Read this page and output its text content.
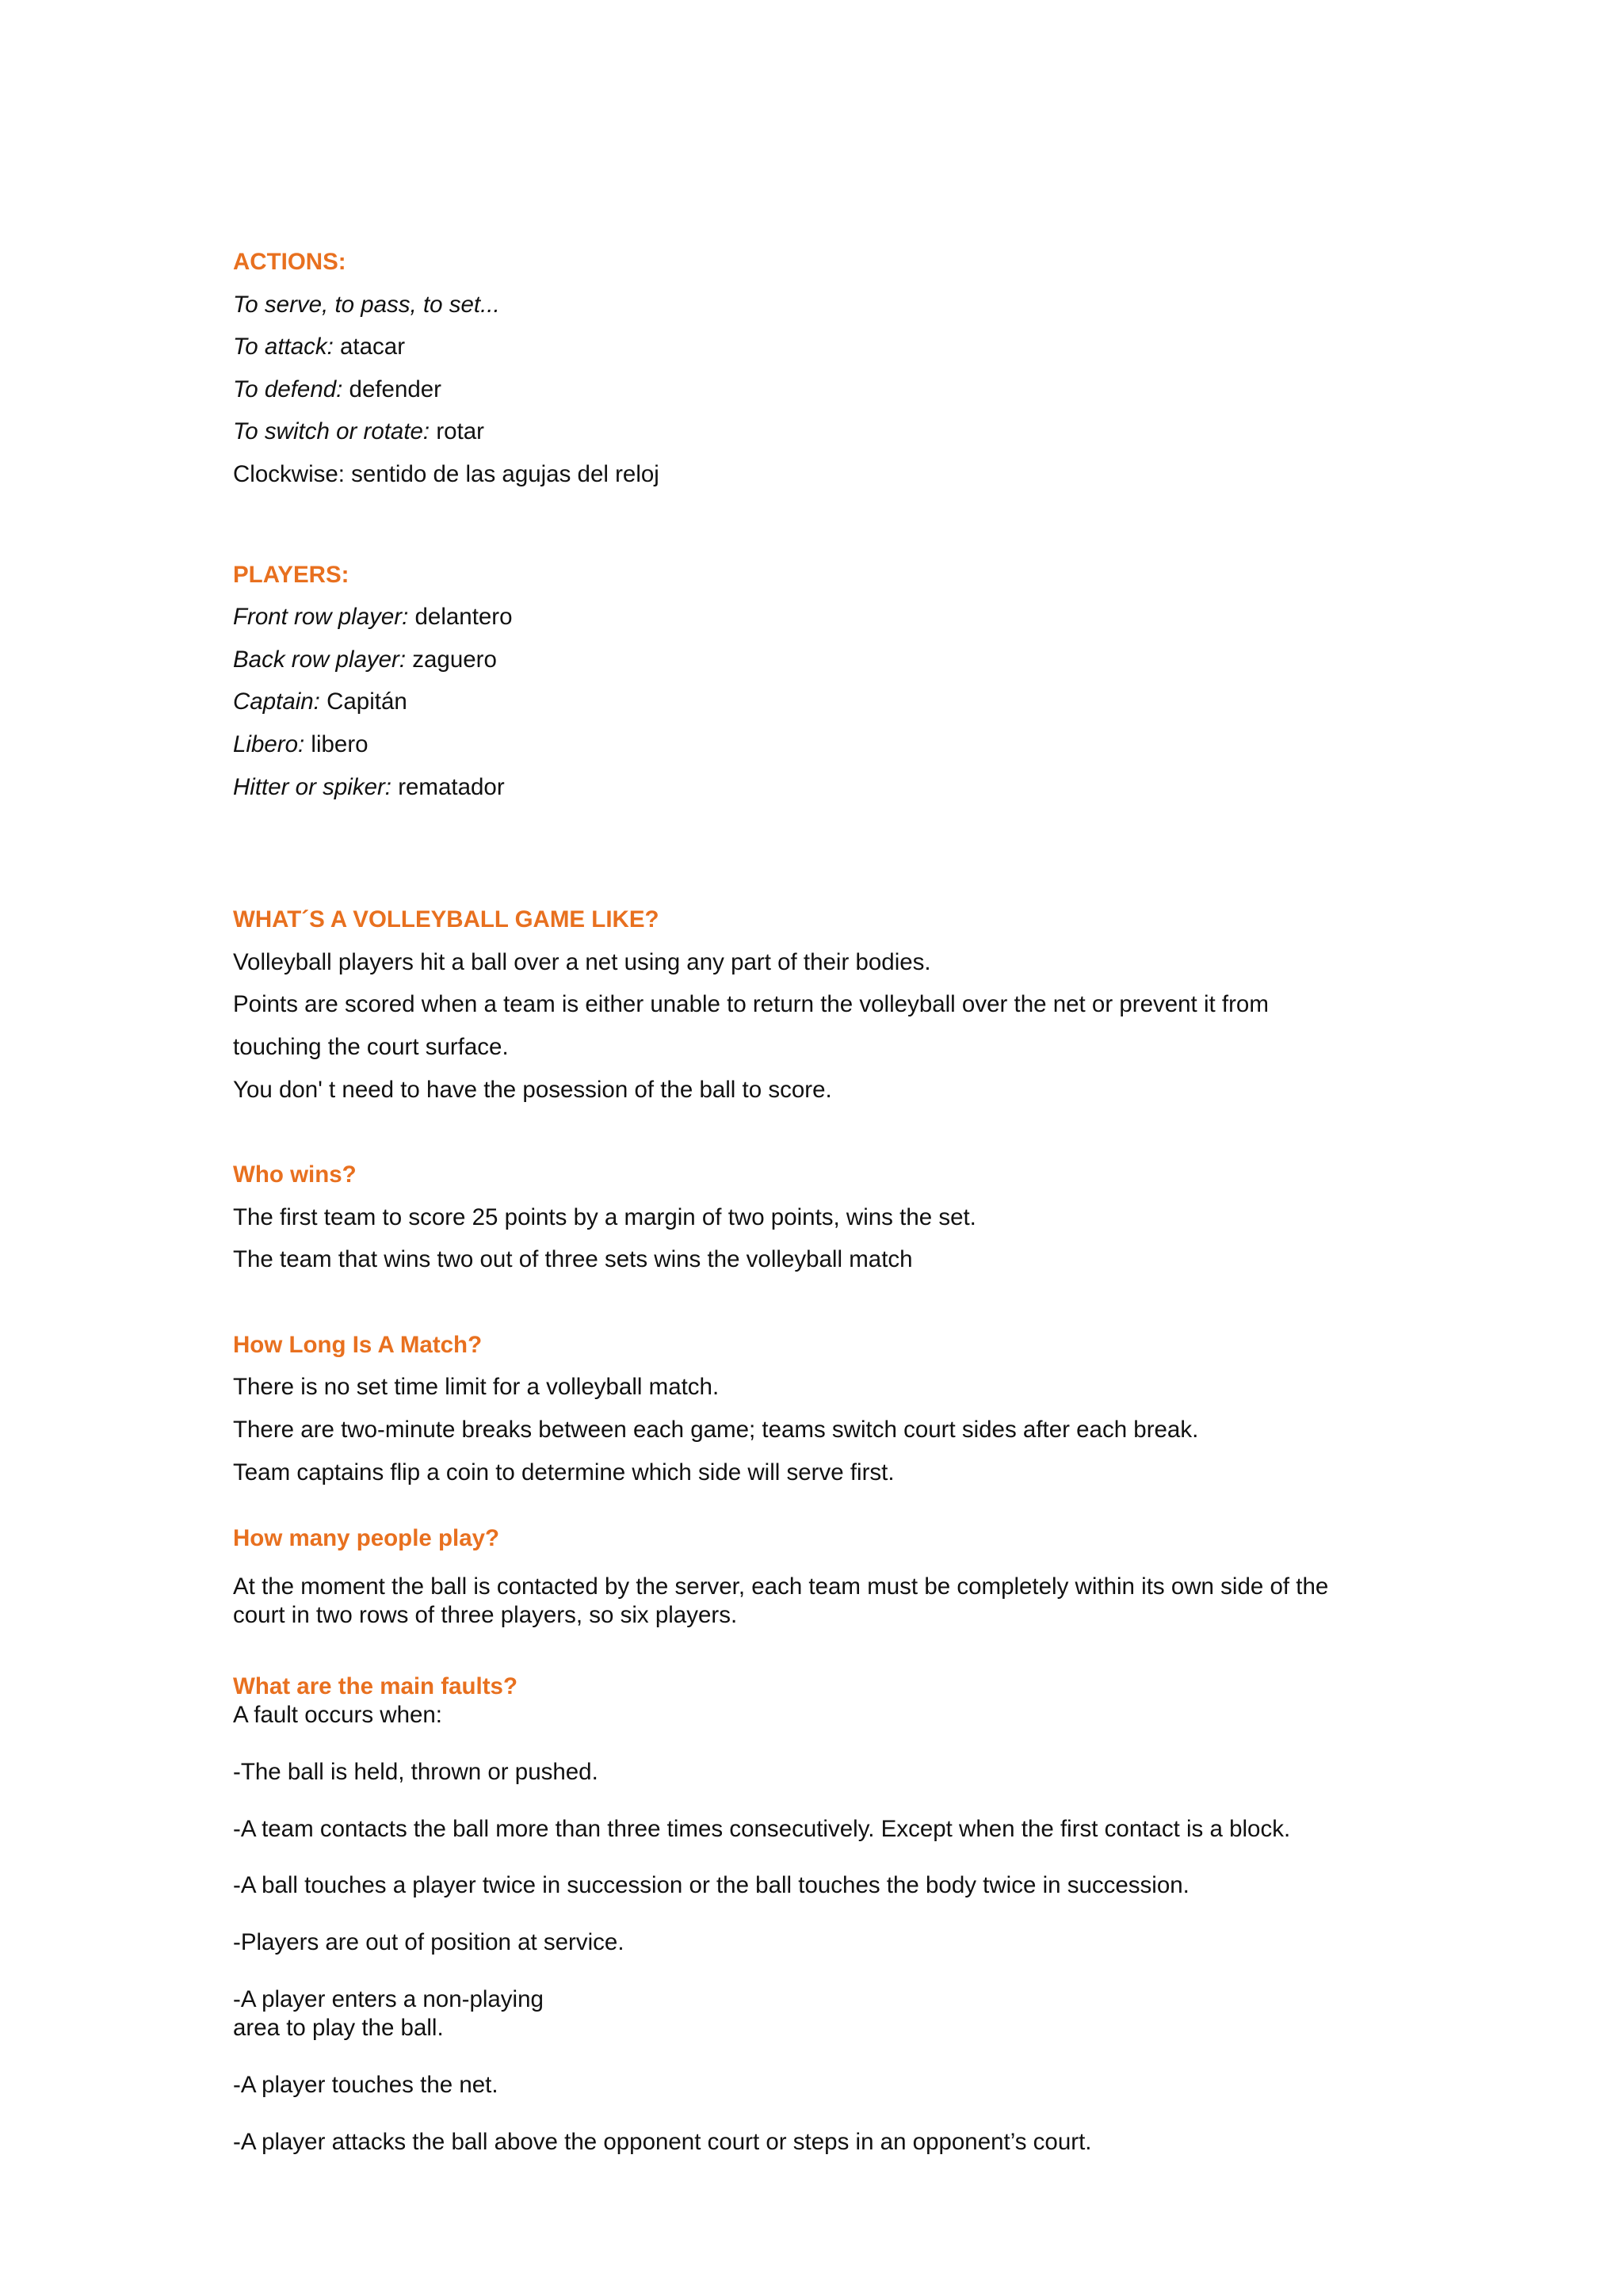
ACTIONS:
To serve, to pass, to set...
To attack: atacar
To defend: defender
To switch or rotate: rotar
Clockwise: sentido de las agujas del reloj
PLAYERS:
Front row player: delantero
Back row player: zaguero
Captain: Capitán
Libero: libero
Hitter or spiker: rematador
WHAT´S A VOLLEYBALL GAME LIKE?
Volleyball players hit a ball over a net using any part of their bodies.
Points are scored when a team is either unable to return the volleyball over the net or prevent it from
touching the court surface.
You don' t need to have the posession of the ball to score.
Who wins?
The first team to score 25 points by a margin of two points, wins the set.
The team that wins two out of three sets wins the volleyball match
How Long Is A Match?
There is no set time limit for a volleyball match.
There are two-minute breaks between each game; teams switch court sides after each break.
Team captains flip a coin to determine which side will serve first.
How many people play?
At the moment the ball is contacted by the server, each team must be completely within its own side of the
court in two rows of three players, so six players.
What are the main faults?
A fault occurs when:
-The ball is held, thrown or pushed.
-A team contacts the ball more than three times consecutively. Except when the first contact is a block.
-A ball touches a player twice in succession or the ball touches the body twice in succession.
-Players are out of position at service.
-A player enters a non-playing
area to play the ball.
-A player touches the net.
-A player attacks the ball above the opponent court or steps in an opponent’s court.
